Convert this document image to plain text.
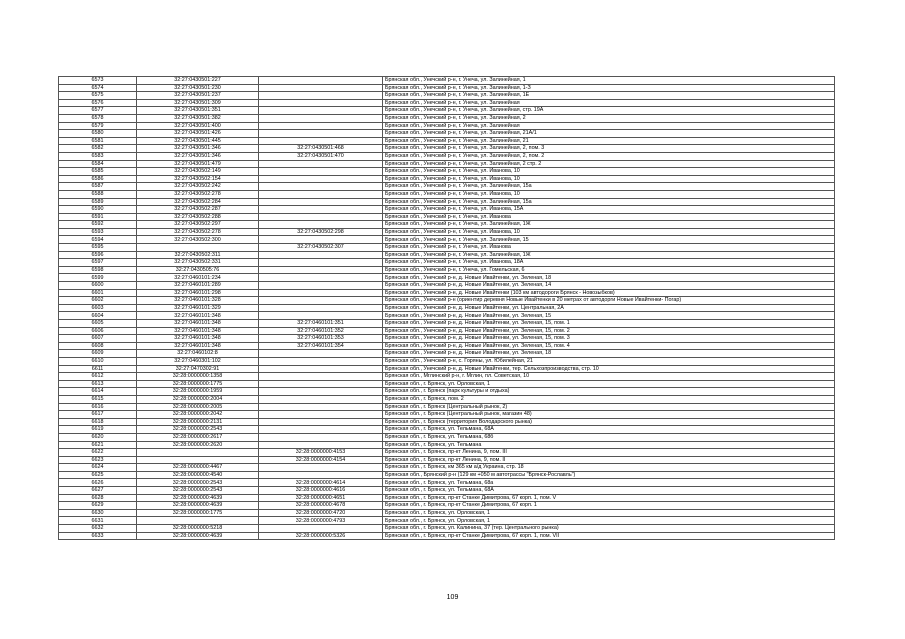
6573	32:27:0430501:227		Брянская обл., Унечский р-н, г. Унеча, ул. Залинейная, 1
6574	32:27:0430501:230		Брянская обл., Унечский р-н, г. Унеча, ул. Залинейная, 1-З
6575	32:27:0430501:237		Брянская обл., Унечский р-н, г. Унеча, ул. Залинейная, 1Е
6576	32:27:0430501:309		Брянская обл., Унечский р-н, г. Унеча, ул. Залинейная
6577	32:27:0430501:351		Брянская обл., Унечский р-н, г. Унеча, ул. Залинейная, стр. 19А
6578	32:27:0430501:382		Брянская обл., Унечский р-н, г. Унеча, ул. Залинейная, 2
6579	32:27:0430501:400		Брянская обл., Унечский р-н, г. Унеча, ул. Залинейная
6580	32:27:0430501:426		Брянская обл., Унечский р-н, г. Унеча, ул. Залинейная, 21А/1
6581	32:27:0430501:445		Брянская обл., Унечский р-н, г. Унеча, ул. Залинейная, 21
6582	32:27:0430501:346	32:27:0430501:468	Брянская обл., Унечский р-н, г. Унеча, ул. Залинейная, 2, пом. 3
6583	32:27:0430501:346	32:27:0430501:470	Брянская обл., Унечский р-н, г. Унеча, ул. Залинейная, 2, пом. 2
6584	32:27:0430501:479		Брянская обл., Унечский р-н, г. Унеча, ул. Залинейная, 2 стр. 2
6585	32:27:0430502:149		Брянская обл., Унечский р-н, г. Унеча, ул. Иванова, 10
6586	32:27:0430502:154		Брянская обл., Унечский р-н, г. Унеча, ул. Иванова, 10
6587	32:27:0430502:242		Брянская обл., Унечский р-н, г. Унеча, ул. Залинейная, 15а
6588	32:27:0430502:278		Брянская обл., Унечский р-н, г. Унеча, ул. Иванова, 10
6589	32:27:0430502:284		Брянская обл., Унечский р-н, г. Унеча, ул. Залинейная, 15а
6590	32:27:0430502:287		Брянская обл., Унечский р-н, г. Унеча, ул. Иванова, 15А
6591	32:27:0430502:288		Брянская обл., Унечский р-н, г. Унеча, ул. Иванова
6592	32:27:0430502:297		Брянская обл., Унечский р-н, г. Унеча, ул. Залинейная, 1Ж
6593	32:27:0430502:278	32:27:0430502:298	Брянская обл., Унечский р-н, г. Унеча, ул. Иванова, 10
6594	32:27:0430502:300		Брянская обл., Унечский р-н, г. Унеча, ул. Залинейная, 15
6595		32:27:0430502:307	Брянская обл., Унечский р-н, г. Унеча, ул. Иванова
6596	32:27:0430502:311		Брянская обл., Унечский р-н, г. Унеча, ул. Залинейная, 1Ж
6597	32:27:0430502:331		Брянская обл., Унечский р-н, г. Унеча, ул. Иванова, 18А
6598	32:27:0430505:76		Брянская обл., Унечский р-н, г. Унеча, ул. Гомельская, 6
6599	32:27:0460101:234		Брянская обл., Унечский р-н, д. Новые Ивайтенки, ул. Зеленая, 18
6600	32:27:0460101:289		Брянская обл., Унечский р-н, д. Новые Ивайтенки, ул. Зеленая, 14
6601	32:27:0460101:298		Брянская обл., Унечский р-н, д. Новые Ивайтенки (103 км автодороги Брянск - Новозыбков)
6602	32:27:0460101:328		Брянская обл., Унечский р-н (ориентир деревня Новые Ивайтенки в 20 метрах от автодорги Новые Ивайтенки- Погар)
6603	32:27:0460101:329		Брянская обл., Унечский р-н, д. Новые Ивайтенки, ул. Центральная, 2А
6604	32:27:0460101:348		Брянская обл., Унечский р-н, д. Новые Ивайтенки, ул. Зеленая, 15
6605	32:27:0460101:348	32:27:0460101:351	Брянская обл., Унечский р-н, д. Новые Ивайтенки, ул. Зеленая, 15, пом. 1
6606	32:27:0460101:348	32:27:0460101:352	Брянская обл., Унечский р-н, д. Новые Ивайтенки, ул. Зеленая, 15, пом. 2
6607	32:27:0460101:348	32:27:0460101:353	Брянская обл., Унечский р-н, д. Новые Ивайтенки, ул. Зеленая, 15, пом. 3
6608	32:27:0460101:348	32:27:0460101:354	Брянская обл., Унечский р-н, д. Новые Ивайтенки, ул. Зеленая, 15, пом. 4
6609	32:27:0460102:8		Брянская обл., Унечский р-н, д. Новые Ивайтенки, ул. Зеленая, 18
6610	32:27:0460301:102		Брянская обл., Унечский р-н, с. Горяны, ул. Юбилейная, 21
6611	32:27:0470302:91		Брянская обл., Унечский р-н, д. Новые Ивайтенки, тер. Сельхозпроизводства, стр. 10
6612	32:28:0000000:1358		Брянская обл., Мглинский р-н, г. Мглин, пл. Советская, 10
6613	32:28:0000000:1775		Брянская обл., г. Брянск, ул. Орловская, 1
6614	32:28:0000000:1959		Брянская обл., г. Брянск (парк культуры и отдыха)
6615	32:28:0000000:2004		Брянская обл., г. Брянск, пом. 2
6616	32:28:0000000:2005		Брянская обл., г. Брянск (Центральный рынок, 2)
6617	32:28:0000000:2042		Брянская обл., г. Брянск (Центральный рынок, магазин 48)
6618	32:28:0000000:2131		Брянская обл., г. Брянск (территория Володарского рынка)
6619	32:28:0000000:2543		Брянская обл., г. Брянск, ул. Тельмана, 68А
6620	32:28:0000000:2617		Брянская обл., г. Брянск, ул. Тельмана, 68б
6621	32:28:0000000:2620		Брянская обл., г. Брянск, ул. Тельмана
6622		32:28:0000000:4153	Брянская обл., г. Брянск, пр-кт Ленина, 9, пом. III
6623		32:28:0000000:4154	Брянская обл., г. Брянск, пр-кт Ленина, 9, пом. II
6624	32:28:0000000:4467		Брянская обл., г. Брянск, км 365 км а/д Украина, стр. 18
6625	32:28:0000000:4540		Брянская обл., Брянский р-н (129 км +050 м автотрассы "Брянск-Рославль")
6626	32:28:0000000:2543	32:28:0000000:4614	Брянская обл., г. Брянск, ул. Тельмана, 68а
6627	32:28:0000000:2543	32:28:0000000:4616	Брянская обл., г. Брянск, ул. Тельмана, 68А
6628	32:28:0000000:4639	32:28:0000000:4651	Брянская обл., г. Брянск, пр-кт Станке Димитрова, 67 корп. 1, пом. V
6629	32:28:0000000:4639	32:28:0000000:4678	Брянская обл., г. Брянск, пр-кт Станке Димитрова, 67 корп. 1
6630	32:28:0000000:1775	32:28:0000000:4720	Брянская обл., г. Брянск, ул. Орловская, 1
6631		32:28:0000000:4793	Брянская обл., г. Брянск, ул. Орловская, 1
6632	32:28:0000000:5218		Брянская обл., г. Брянск, ул. Калинина, 37 (тер. Центрального рынка)
6633	32:28:0000000:4639	32:28:0000000:5326	Брянская обл., г. Брянск, пр-кт Станке Димитрова, 67 корп. 1, пом. VII
109
